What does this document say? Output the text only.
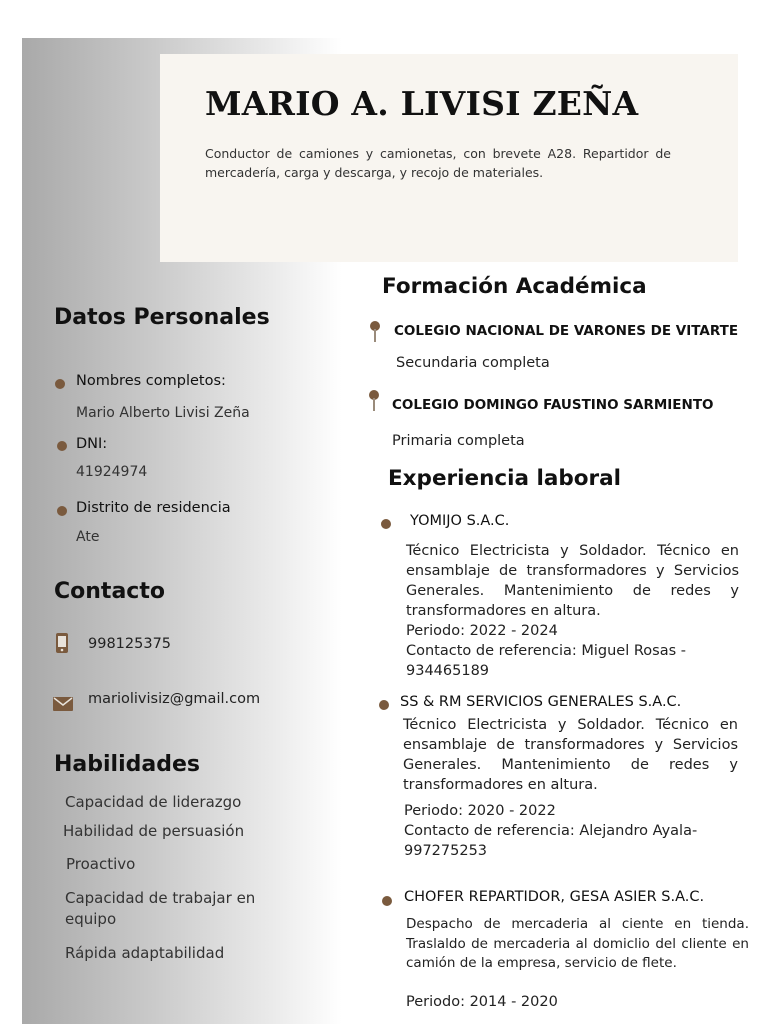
MARIO A. LIVISI ZEÑA

Conductor de camiones y camionetas, con brevete A28. Repartidor de mercadería, carga y descarga, y recojo de materiales.

Datos Personales
Nombres completos:
Mario Alberto Livisi Zeña
DNI:
41924974
Distrito de residencia
Ate
Contacto
998125375
mariolivisiz@gmail.com
Habilidades
Capacidad de liderazgo
Habilidad de persuasión
Proactivo
Capacidad de trabajar en equipo
Rápida adaptabilidad
Formación Académica
COLEGIO NACIONAL DE VARONES DE VITARTE
Secundaria completa
COLEGIO DOMINGO FAUSTINO SARMIENTO
Primaria completa
Experiencia laboral
YOMIJO S.A.C.

Técnico Electricista y Soldador. Técnico en ensamblaje de transformadores y Servicios Generales. Mantenimiento de redes y transformadores en altura.

Periodo: 2022 - 2024
Contacto de referencia: Miguel Rosas - 934465189
SS & RM SERVICIOS GENERALES S.A.C.

Técnico Electricista y Soldador. Técnico en ensamblaje de transformadores y Servicios Generales. Mantenimiento de redes y transformadores en altura.

Periodo: 2020 - 2022
Contacto de referencia: Alejandro Ayala- 997275253
CHOFER REPARTIDOR, GESA ASIER S.A.C.

Despacho de mercaderia al ciente en tienda. Traslaldo de mercaderia al domiclio del cliente en camión de la empresa, servicio de flete.

Periodo: 2014 - 2020
